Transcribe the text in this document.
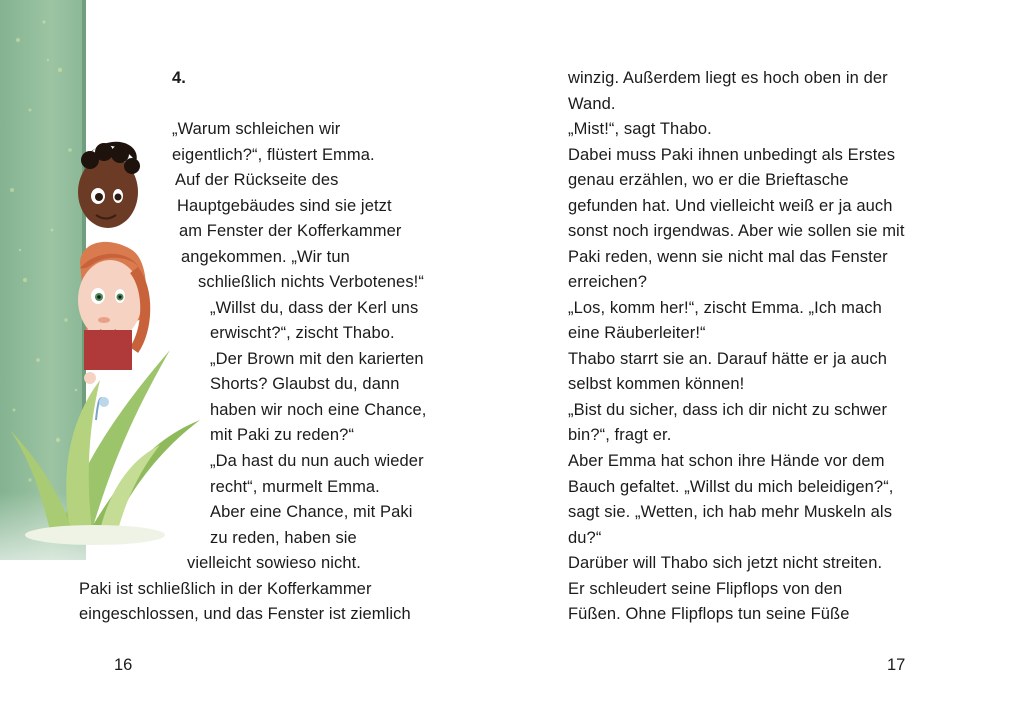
4.
„Warum schleichen wir
eigentlich?“, flüstert Emma.
Auf der Rückseite des
Hauptgebäudes sind sie jetzt
am Fenster der Kofferkammer
angekommen. „Wir tun
schließlich nichts Verbotenes!“
„Willst du, dass der Kerl uns
erwischt?“, zischt Thabo.
„Der Brown mit den karierten
Shorts? Glaubst du, dann
haben wir noch eine Chance,
mit Paki zu reden?“
„Da hast du nun auch wieder
recht“, murmelt Emma.
Aber eine Chance, mit Paki
zu reden, haben sie
vielleicht sowieso nicht.
Paki ist schließlich in der Kofferkammer
eingeschlossen, und das Fenster ist ziemlich
16
winzig. Außerdem liegt es hoch oben in der
Wand.
„Mist!“, sagt Thabo.
Dabei muss Paki ihnen unbedingt als Erstes
genau erzählen, wo er die Brieftasche
gefunden hat. Und vielleicht weiß er ja auch
sonst noch irgendwas. Aber wie sollen sie mit
Paki reden, wenn sie nicht mal das Fenster
erreichen?
„Los, komm her!“, zischt Emma. „Ich mach
eine Räuberleiter!“
Thabo starrt sie an. Darauf hätte er ja auch
selbst kommen können!
„Bist du sicher, dass ich dir nicht zu schwer
bin?“, fragt er.
Aber Emma hat schon ihre Hände vor dem
Bauch gefaltet. „Willst du mich beleidigen?“,
sagt sie. „Wetten, ich hab mehr Muskeln als
du?“
Darüber will Thabo sich jetzt nicht streiten.
Er schleudert seine Flipflops von den
Füßen. Ohne Flipflops tun seine Füße
17
